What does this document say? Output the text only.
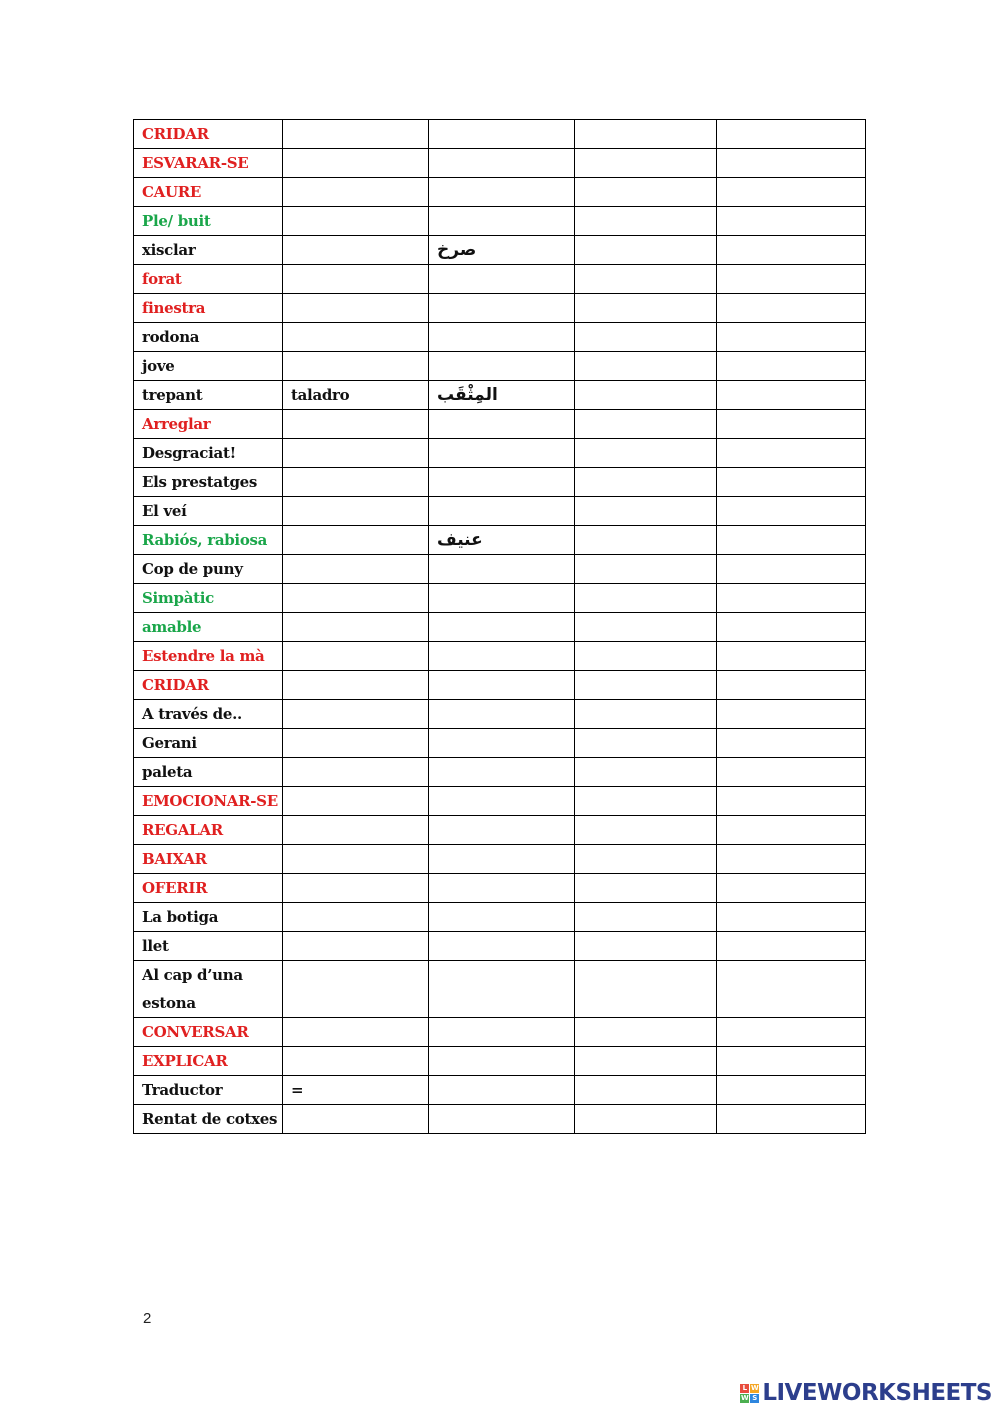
CRIDAR				
ESVARAR-SE				
CAURE				
Ple/ buit				
xisclar		صرخ		
forat				
finestra				
rodona				
jove				
trepant	taladro	المِثْقَب		
Arreglar				
Desgraciat!				
Els prestatges				
El veí				
Rabiós, rabiosa		عنيف		
Cop de puny				
Simpàtic				
amable				
Estendre la mà				
CRIDAR				
A través de..				
Gerani				
paleta				
EMOCIONAR-SE				
REGALAR				
BAIXAR				
OFERIR				
La botiga				
llet				
Al cap d’una estona				
CONVERSAR				
EXPLICAR				
Traductor	=			
Rentat de cotxes				
2
L W
W S LIVEWORKSHEETS
